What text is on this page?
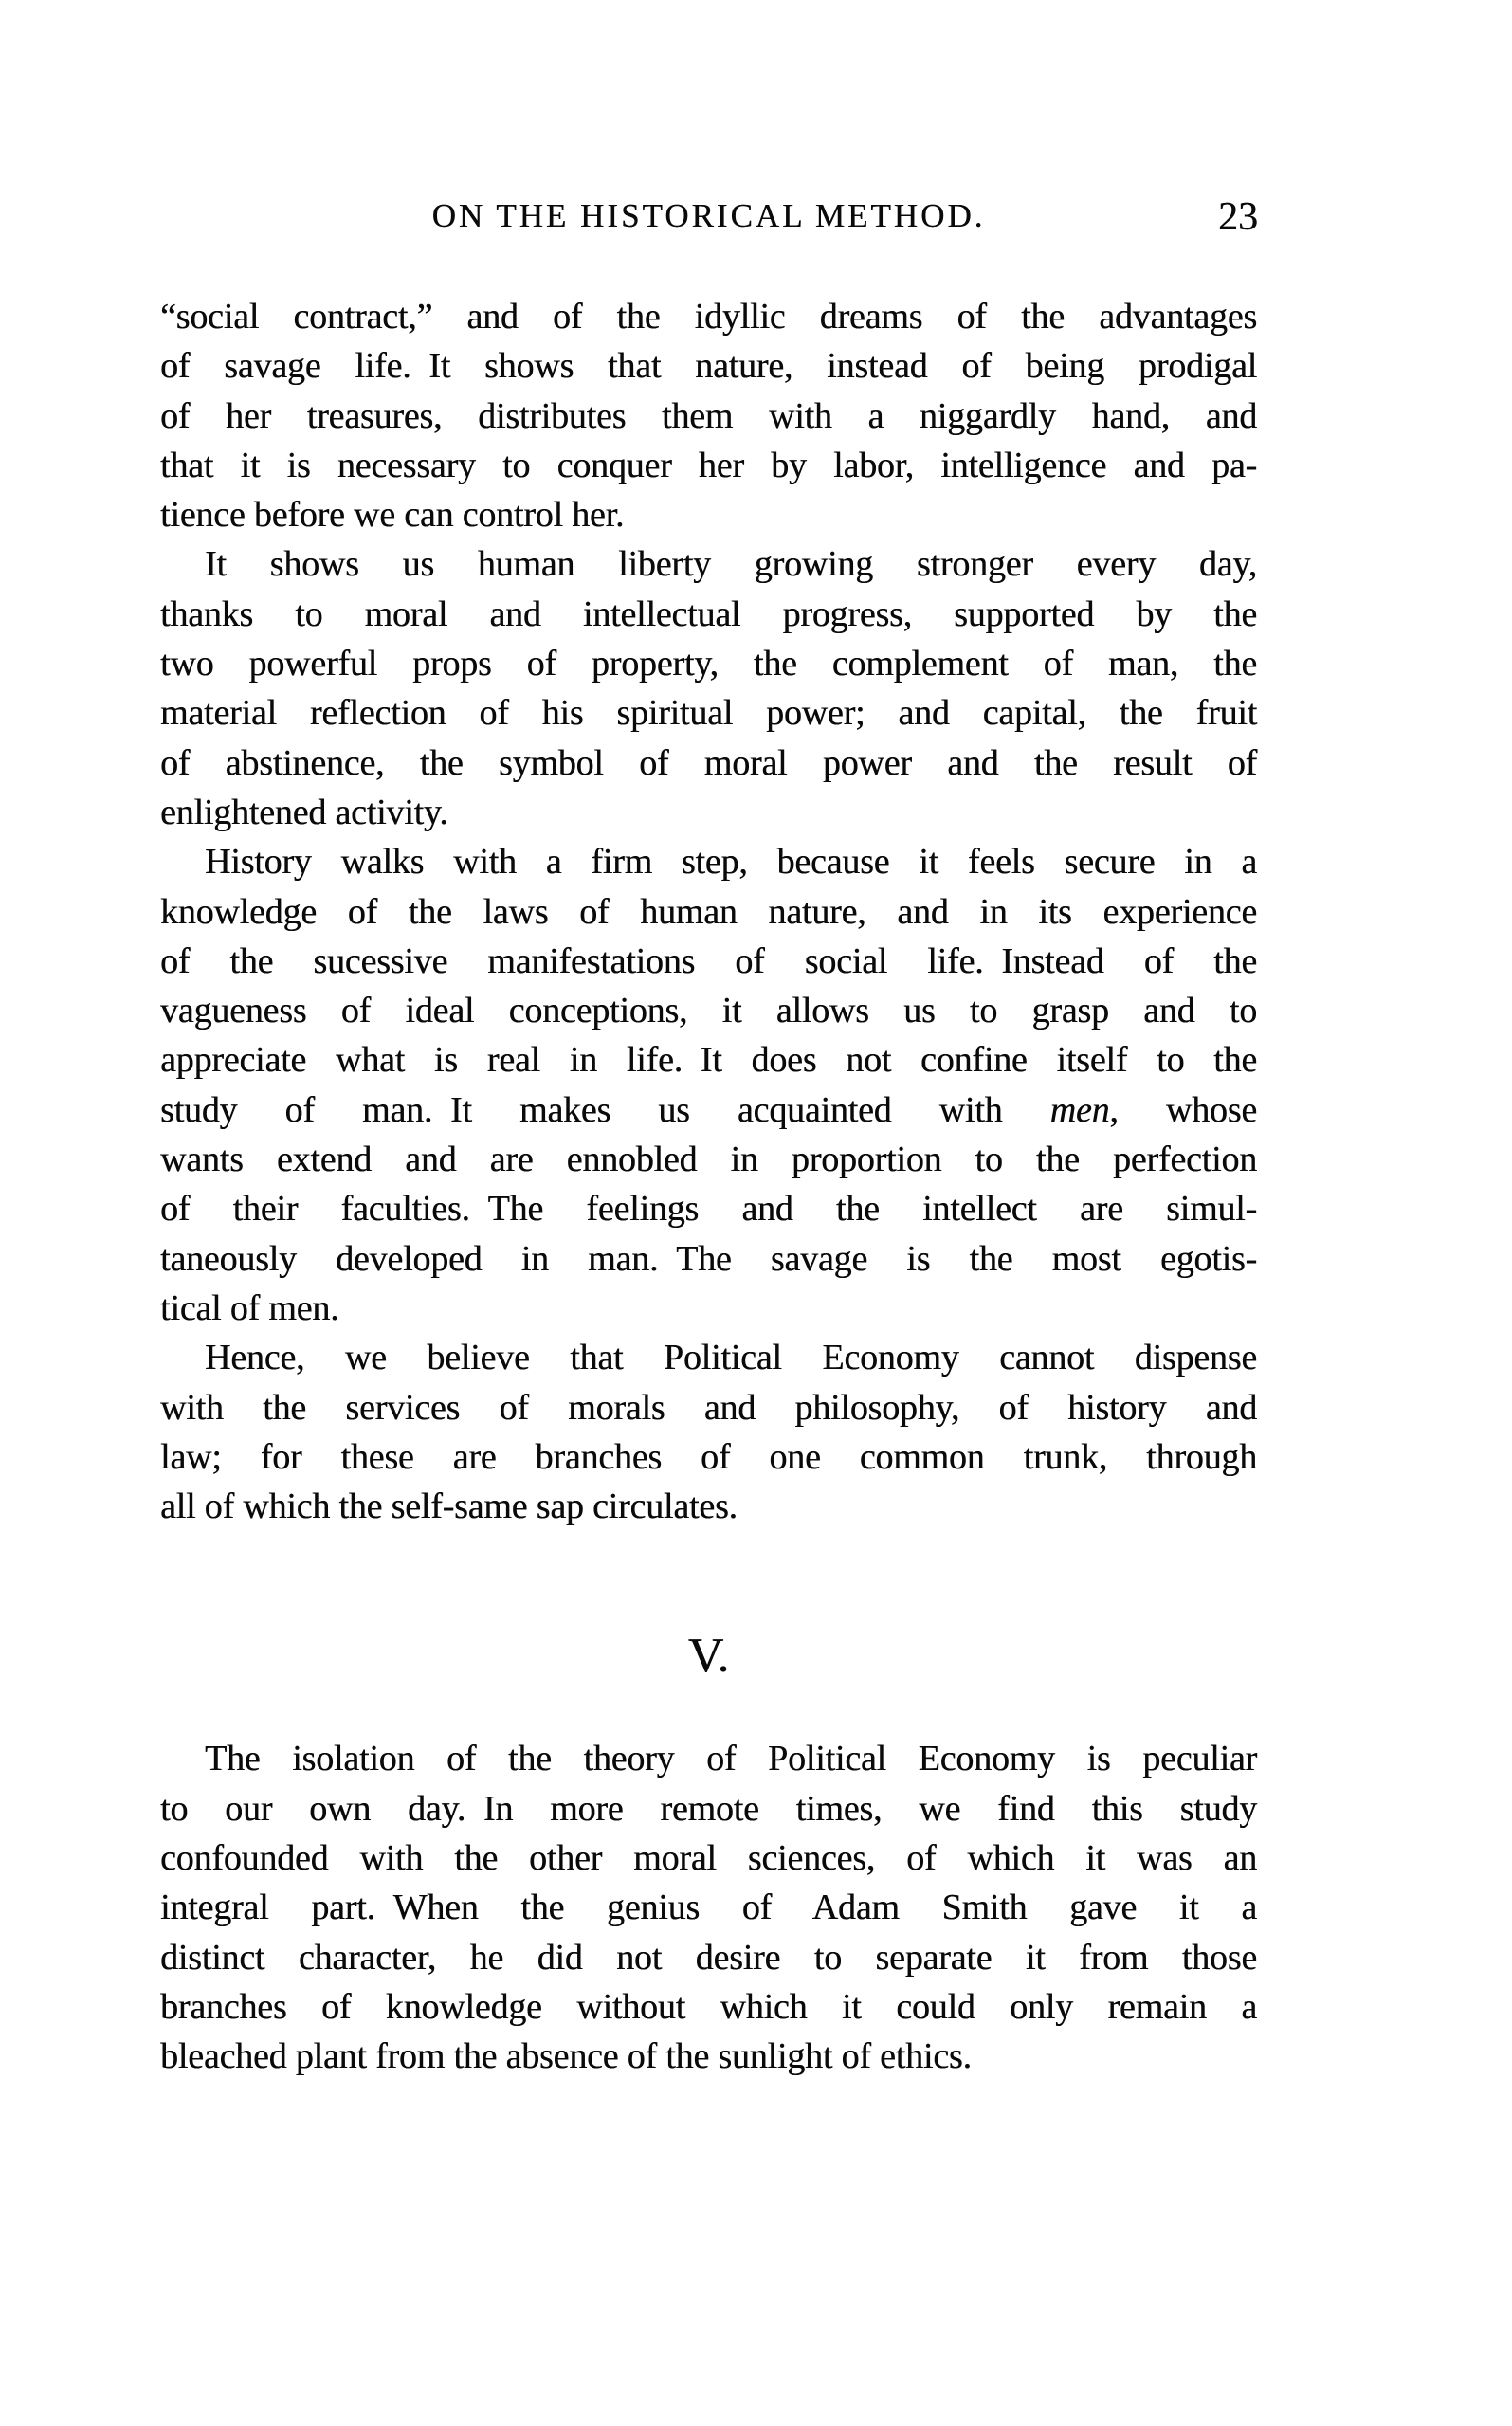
ON THE HISTORICAL METHOD.	23
“social contract,” and of the idyllic dreams of the advantages
of savage life. It shows that nature, instead of being prodigal
of her treasures, distributes them with a niggardly hand, and
that it is necessary to conquer her by labor, intelligence and pa-
tience before we can control her.
It shows us human liberty growing stronger every day,
thanks to moral and intellectual progress, supported by the
two powerful props of property, the complement of man, the
material reflection of his spiritual power; and capital, the fruit
of abstinence, the symbol of moral power and the result of
enlightened activity.
History walks with a firm step, because it feels secure in a
knowledge of the laws of human nature, and in its experience
of the sucessive manifestations of social life. Instead of the
vagueness of ideal conceptions, it allows us to grasp and to
appreciate what is real in life. It does not confine itself to the
study of man. It makes us acquainted with men, whose
wants extend and are ennobled in proportion to the perfection
of their faculties. The feelings and the intellect are simul-
taneously developed in man. The savage is the most egotis-
tical of men.
Hence, we believe that Political Economy cannot dispense
with the services of morals and philosophy, of history and
law; for these are branches of one common trunk, through
all of which the self-same sap circulates.
V.
The isolation of the theory of Political Economy is peculiar
to our own day. In more remote times, we find this study
confounded with the other moral sciences, of which it was an
integral part. When the genius of Adam Smith gave it a
distinct character, he did not desire to separate it from those
branches of knowledge without which it could only remain a
bleached plant from the absence of the sunlight of ethics.
